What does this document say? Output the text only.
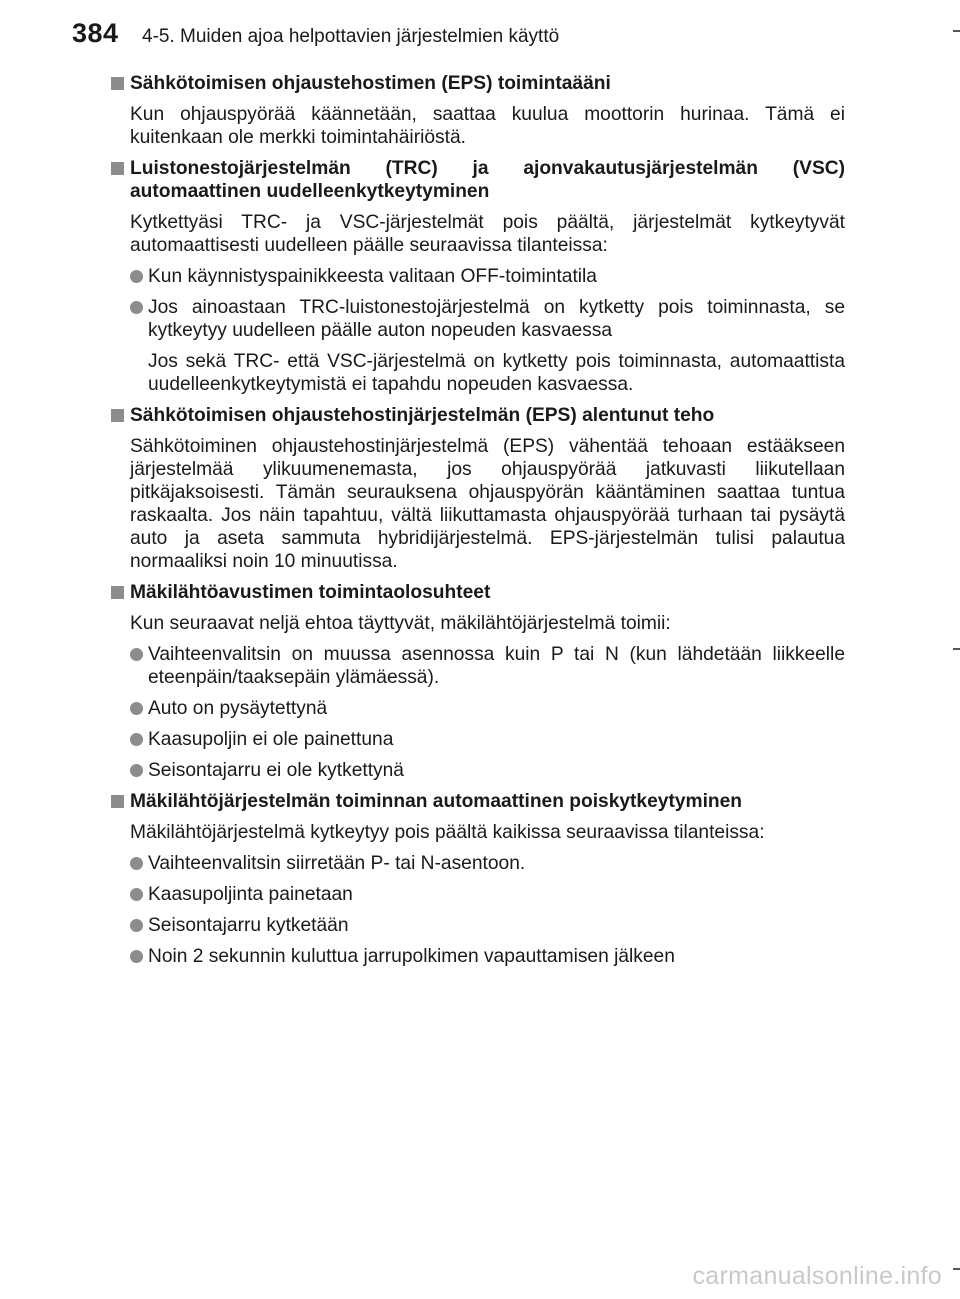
384 4-5. Muiden ajoa helpottavien järjestelmien käyttö
Sähkötoimisen ohjaustehostimen (EPS) toimintaääni
Kun ohjauspyörää käännetään, saattaa kuulua moottorin hurinaa. Tämä ei kuitenkaan ole merkki toimintahäiriöstä.
Luistonestojärjestelmän (TRC) ja ajonvakautusjärjestelmän (VSC) automaattinen uudelleenkytkeytyminen
Kytkettyäsi TRC- ja VSC-järjestelmät pois päältä, järjestelmät kytkeytyvät automaattisesti uudelleen päälle seuraavissa tilanteissa:
Kun käynnistyspainikkeesta valitaan OFF-toimintatila
Jos ainoastaan TRC-luistonestojärjestelmä on kytketty pois toiminnasta, se kytkeytyy uudelleen päälle auton nopeuden kasvaessa
Jos sekä TRC- että VSC-järjestelmä on kytketty pois toiminnasta, automaattista uudelleenkytkeytymistä ei tapahdu nopeuden kasvaessa.
Sähkötoimisen ohjaustehostinjärjestelmän (EPS) alentunut teho
Sähkötoiminen ohjaustehostinjärjestelmä (EPS) vähentää tehoaan estääkseen järjestelmää ylikuumenemasta, jos ohjauspyörää jatkuvasti liikutellaan pitkäjaksoisesti. Tämän seurauksena ohjauspyörän kääntäminen saattaa tuntua raskaalta. Jos näin tapahtuu, vältä liikuttamasta ohjauspyörää turhaan tai pysäytä auto ja aseta sammuta hybridijärjestelmä. EPS-järjestelmän tulisi palautua normaaliksi noin 10 minuutissa.
Mäkilähtöavustimen toimintaolosuhteet
Kun seuraavat neljä ehtoa täyttyvät, mäkilähtöjärjestelmä toimii:
Vaihteenvalitsin on muussa asennossa kuin P tai N (kun lähdetään liikkeelle eteenpäin/taaksepäin ylämäessä).
Auto on pysäytettynä
Kaasupoljin ei ole painettuna
Seisontajarru ei ole kytkettynä
Mäkilähtöjärjestelmän toiminnan automaattinen poiskytkeytyminen
Mäkilähtöjärjestelmä kytkeytyy pois päältä kaikissa seuraavissa tilanteissa:
Vaihteenvalitsin siirretään P- tai N-asentoon.
Kaasupoljinta painetaan
Seisontajarru kytketään
Noin 2 sekunnin kuluttua jarrupolkimen vapauttamisen jälkeen
carmanualsonline.info
